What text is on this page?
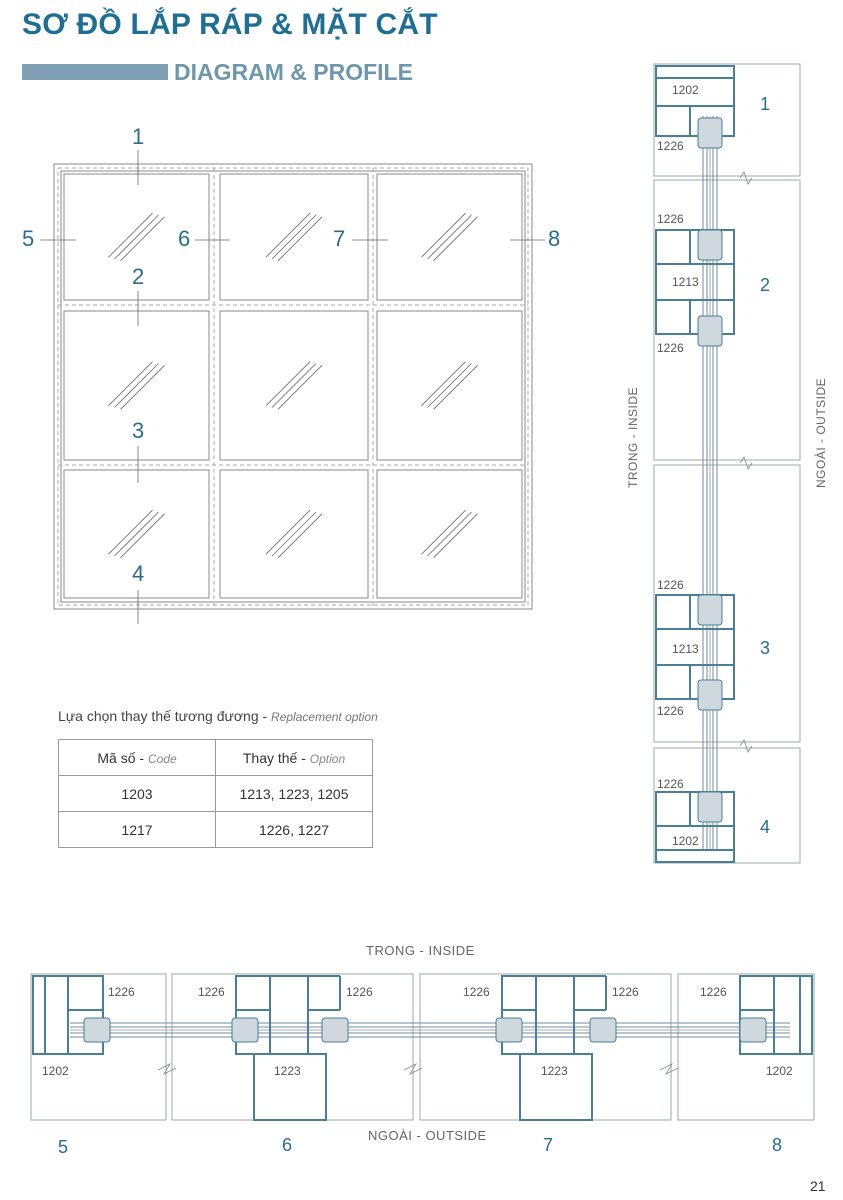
SƠ ĐỒ LẮP RÁP & MẶT CẮT
DIAGRAM & PROFILE
1
2
3
4
5	6	7	8
1202
1226
1226
1213
1226
1226
1213
1226
1226
1202
1
2
3
4
TRONG - INSIDE	NGOÀI - OUTSIDE
Lựa chọn thay thế tương đương - Replacement option
Mã số - Code	Thay thế - Option
1203	1213, 1223, 1205
1217	1226, 1227
1226	1226	1226	1226	1226	1226
1202	1223	1223	1202
TRONG - INSIDE
NGOÀI - OUTSIDE
5	6	7	8
21
